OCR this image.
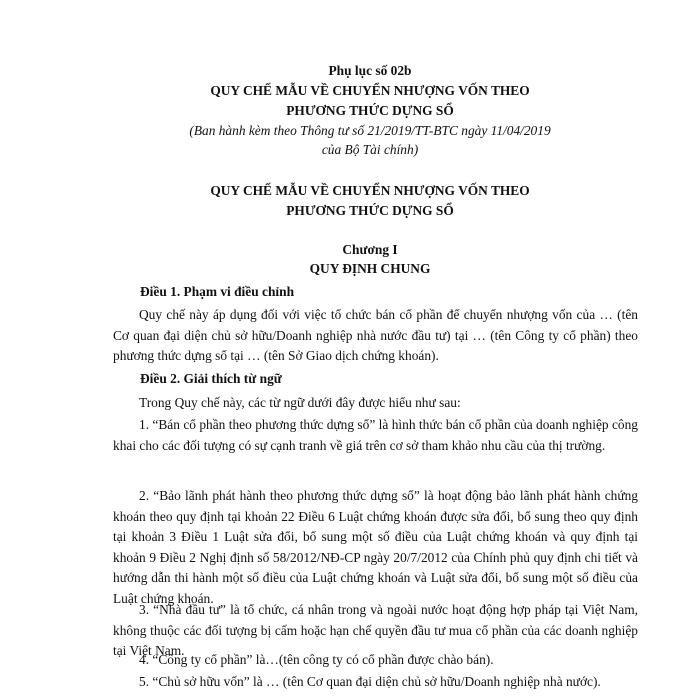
Phụ lục số 02b

QUY CHẾ MẪU VỀ CHUYỂN NHƯỢNG VỐN THEO

PHƯƠNG THỨC DỰNG SỔ

(Ban hành kèm theo Thông tư số 21/2019/TT-BTC ngày 11/04/2019

của Bộ Tài chính)

QUY CHẾ MẪU VỀ CHUYỂN NHƯỢNG VỐN THEO

PHƯƠNG THỨC DỰNG SỔ

Chương I

QUY ĐỊNH CHUNG

Điều 1. Phạm vi điều chỉnh

Quy chế này áp dụng đối với việc tổ chức bán cổ phần để chuyển nhượng vốn của … (tên Cơ quan đại diện chủ sở hữu/Doanh nghiệp nhà nước đầu tư) tại … (tên Công ty cổ phần) theo phương thức dựng sổ tại … (tên Sở Giao dịch chứng khoán).

Điều 2. Giải thích từ ngữ

Trong Quy chế này, các từ ngữ dưới đây được hiểu như sau:

1. “Bán cổ phần theo phương thức dựng sổ” là hình thức bán cổ phần của doanh nghiệp công khai cho các đối tượng có sự cạnh tranh về giá trên cơ sở tham khảo nhu cầu của thị trường.

2. “Bảo lãnh phát hành theo phương thức dựng sổ” là hoạt động bảo lãnh phát hành chứng khoán theo quy định tại khoản 22 Điều 6 Luật chứng khoán được sửa đổi, bổ sung theo quy định tại khoản 3 Điều 1 Luật sửa đổi, bổ sung một số điều của Luật chứng khoán và quy định tại khoản 9 Điều 2 Nghị định số 58/2012/NĐ-CP ngày 20/7/2012 của Chính phủ quy định chi tiết và hướng dẫn thi hành một số điều của Luật chứng khoán và Luật sửa đổi, bổ sung một số điều của Luật chứng khoán.

3. “Nhà đầu tư” là tổ chức, cá nhân trong và ngoài nước hoạt động hợp pháp tại Việt Nam, không thuộc các đối tượng bị cấm hoặc hạn chế quyền đầu tư mua cổ phần của các doanh nghiệp tại Việt Nam.

4. “Công ty cổ phần” là…(tên công ty có cổ phần được chào bán).

5. “Chủ sở hữu vốn” là … (tên Cơ quan đại diện chủ sở hữu/Doanh nghiệp nhà nước).
